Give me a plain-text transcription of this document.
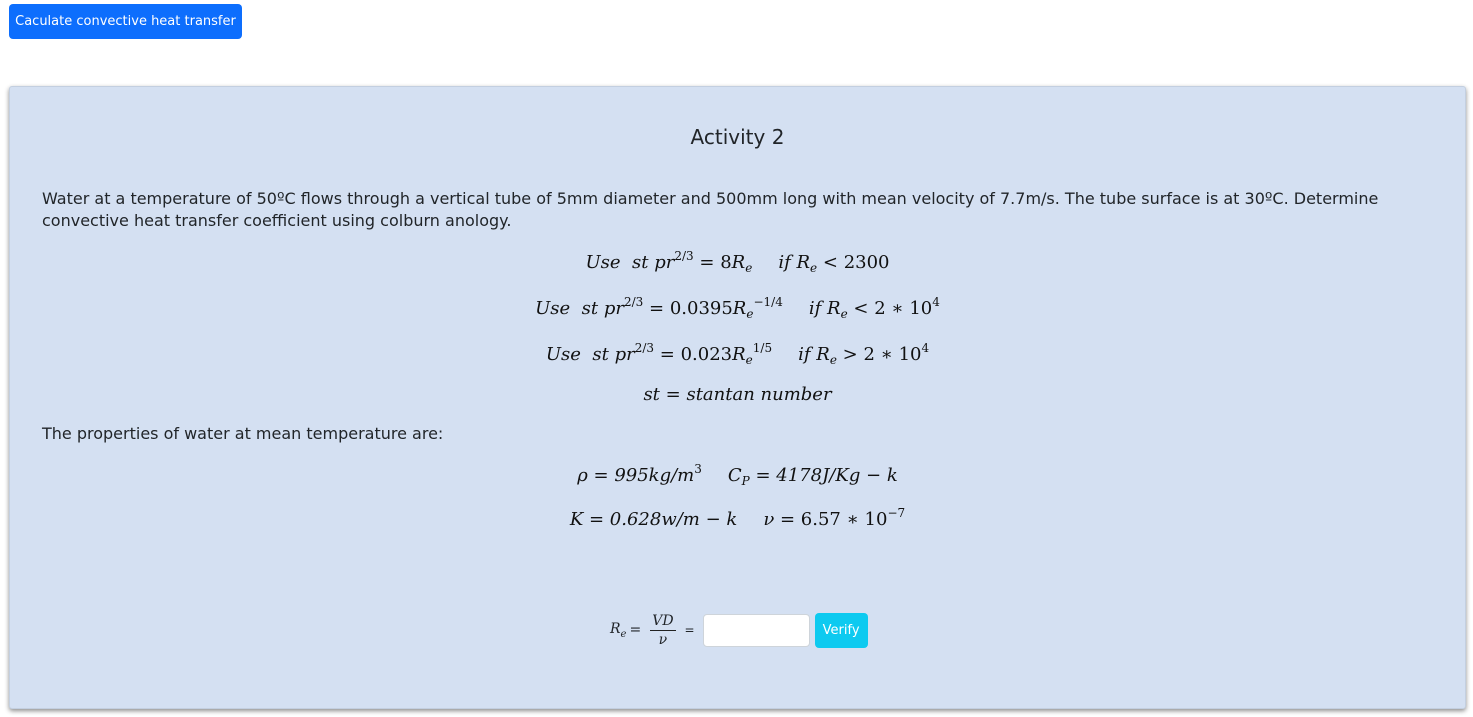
Caculate convective heat transfer
Activity 2
Water at a temperature of 50ºC flows through a vertical tube of 5mm diameter and 500mm long with mean velocity of 7.7m/s. The tube surface is at 30ºC. Determine convective heat transfer coefficient using colburn anology.
Use st $pr^{2/3} = 8R_e$ if $R_e < 2300$
Use st $pr^{2/3} = 0.0395R_e^{-1/4}$ if $R_e < 2$ ∗ $10^4$
Use st $pr^{2/3} = 0.023R_e^{1/5}$ if $R_e > 2$ ∗ $10^4$
st = stantan number
The properties of water at mean temperature are:
$\rho = 995kg/m^3$ $C_P = 4178J/Kg - k$
K = 0.628w/m − k ν = 6.57 ∗ $10^{-7}$
$R_e = \frac{VD}{\nu}$ =	Verify
